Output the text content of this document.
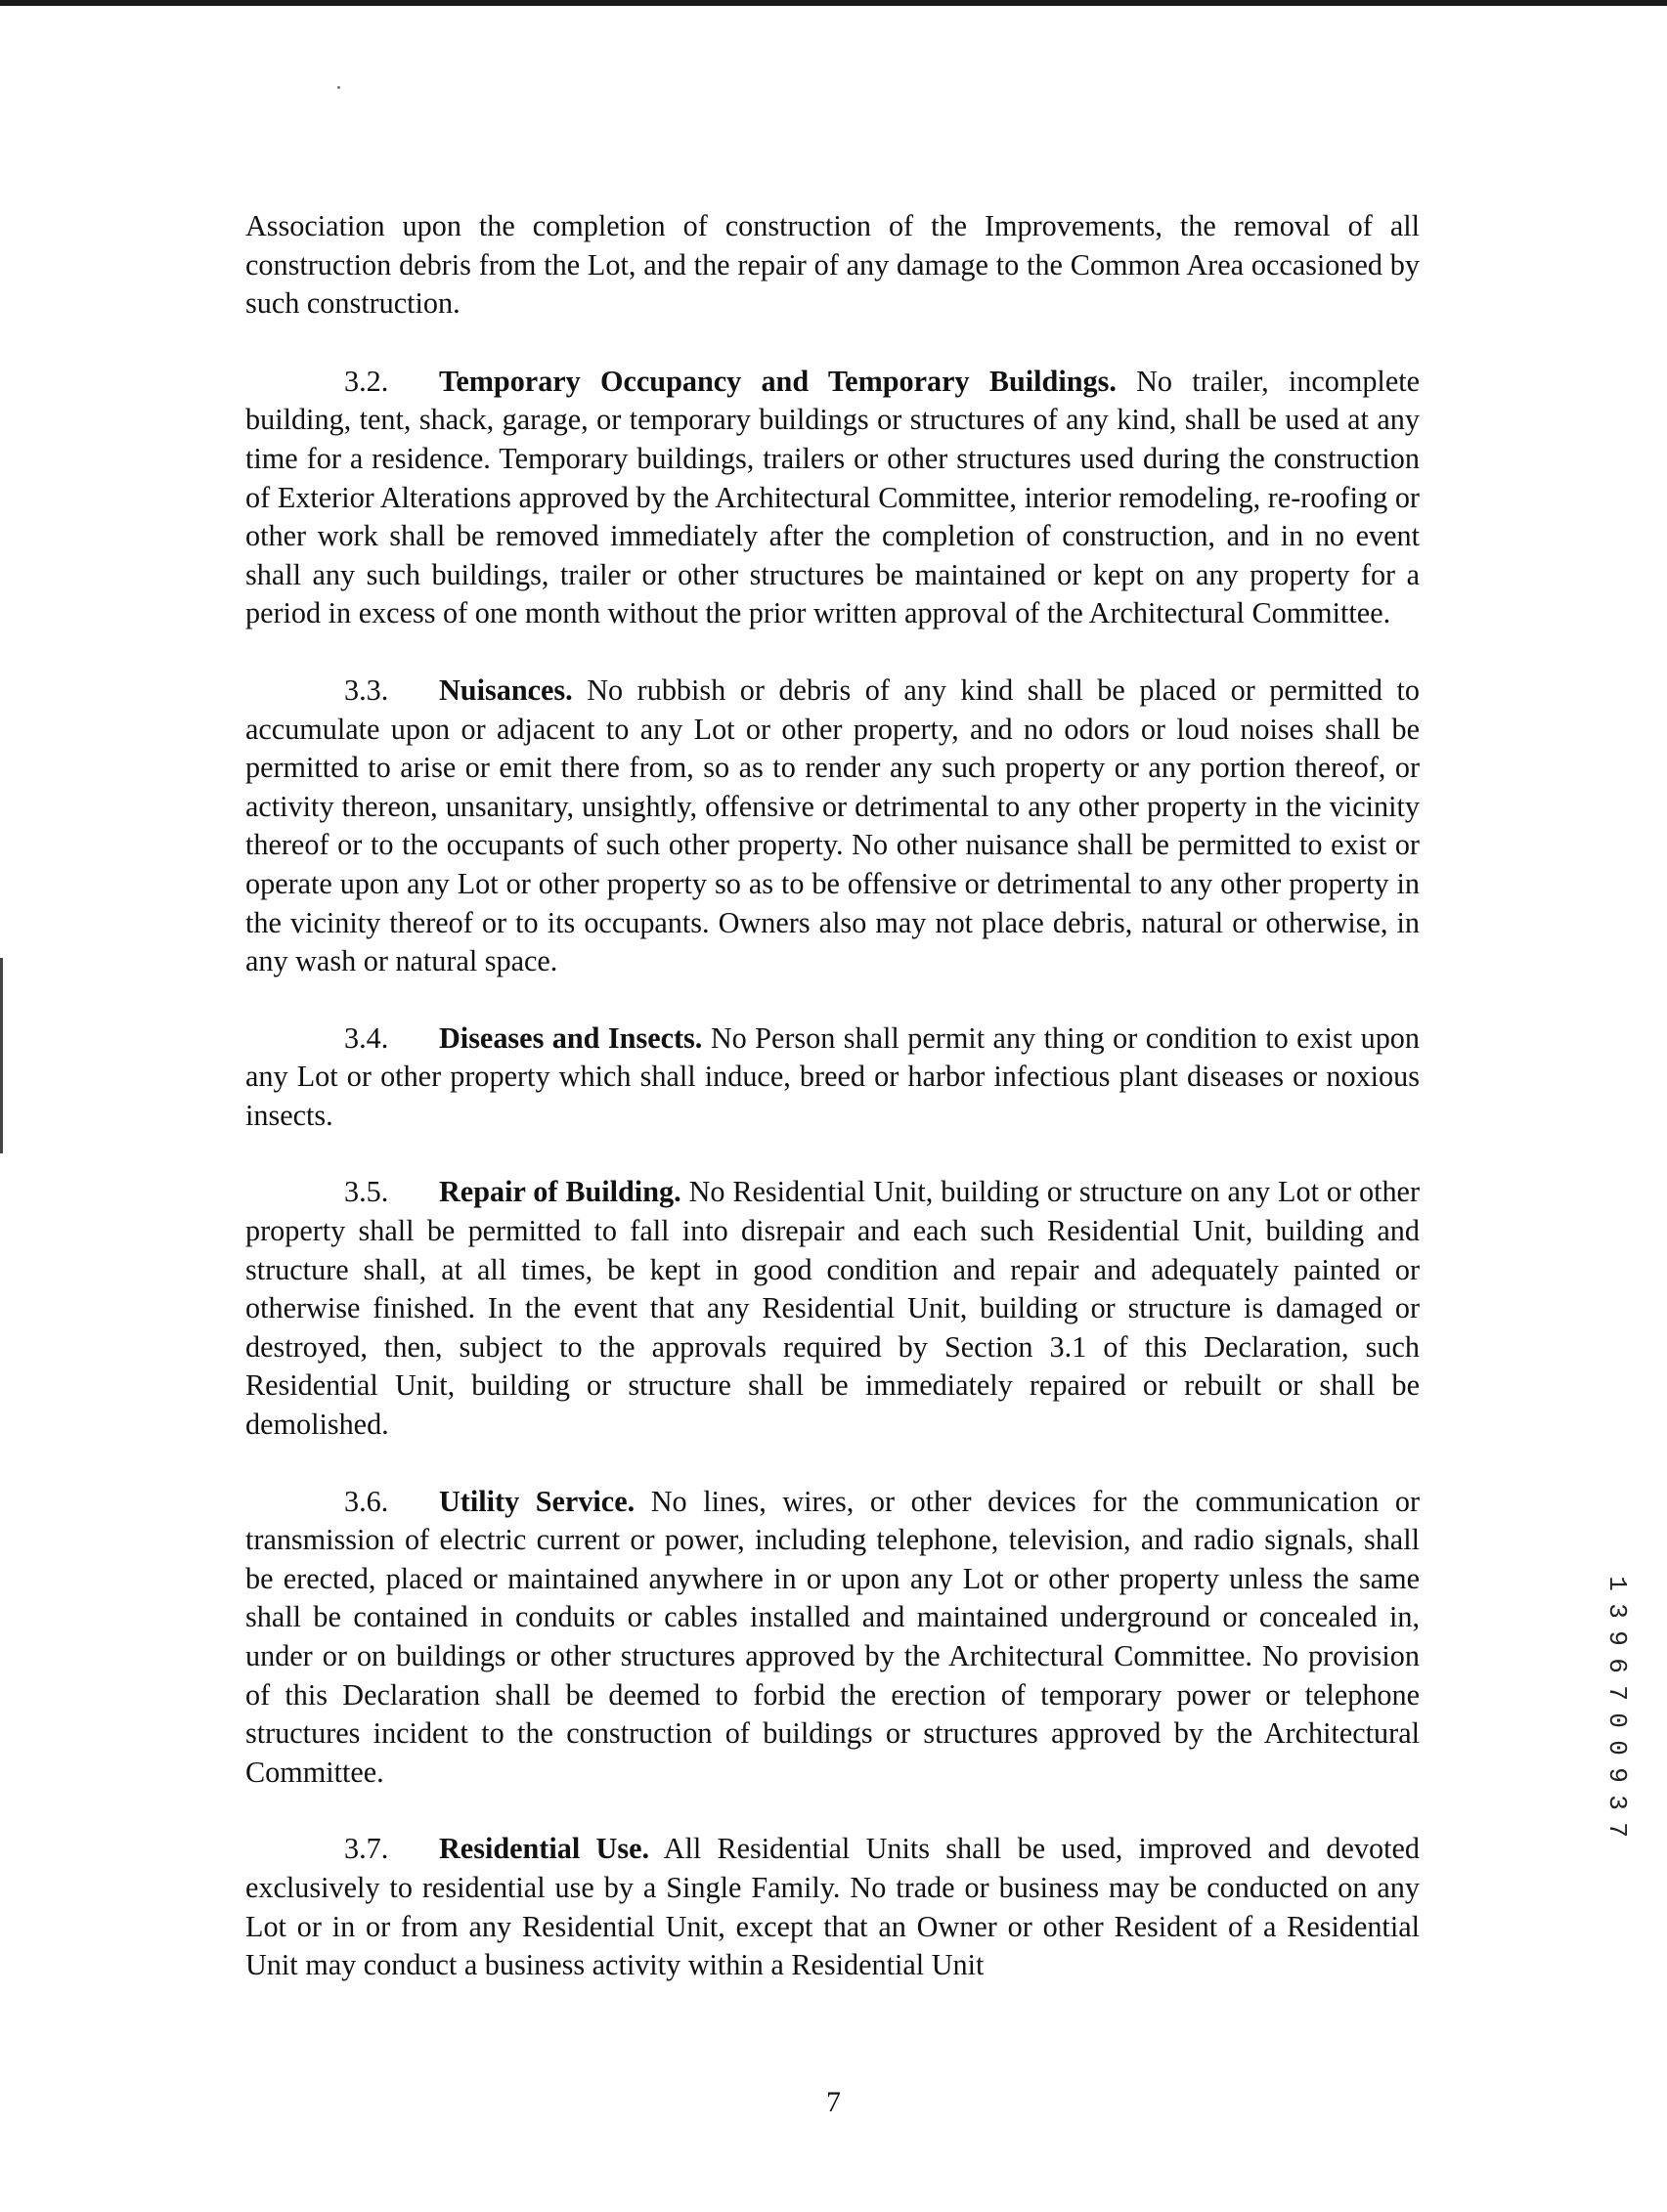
Association upon the completion of construction of the Improvements, the removal of all construction debris from the Lot, and the repair of any damage to the Common Area occasioned by such construction.

3.2. Temporary Occupancy and Temporary Buildings. No trailer, incomplete building, tent, shack, garage, or temporary buildings or structures of any kind, shall be used at any time for a residence. Temporary buildings, trailers or other structures used during the construction of Exterior Alterations approved by the Architectural Committee, interior remodeling, re-roofing or other work shall be removed immediately after the completion of construction, and in no event shall any such buildings, trailer or other structures be maintained or kept on any property for a period in excess of one month without the prior written approval of the Architectural Committee.

3.3. Nuisances. No rubbish or debris of any kind shall be placed or permitted to accumulate upon or adjacent to any Lot or other property, and no odors or loud noises shall be permitted to arise or emit there from, so as to render any such property or any portion thereof, or activity thereon, unsanitary, unsightly, offensive or detrimental to any other property in the vicinity thereof or to the occupants of such other property. No other nuisance shall be permitted to exist or operate upon any Lot or other property so as to be offensive or detrimental to any other property in the vicinity thereof or to its occupants. Owners also may not place debris, natural or otherwise, in any wash or natural space.

3.4. Diseases and Insects. No Person shall permit any thing or condition to exist upon any Lot or other property which shall induce, breed or harbor infectious plant diseases or noxious insects.

3.5. Repair of Building. No Residential Unit, building or structure on any Lot or other property shall be permitted to fall into disrepair and each such Residential Unit, building and structure shall, at all times, be kept in good condition and repair and adequately painted or otherwise finished. In the event that any Residential Unit, building or structure is damaged or destroyed, then, subject to the approvals required by Section 3.1 of this Declaration, such Residential Unit, building or structure shall be immediately repaired or rebuilt or shall be demolished.

3.6. Utility Service. No lines, wires, or other devices for the communication or transmission of electric current or power, including telephone, television, and radio signals, shall be erected, placed or maintained anywhere in or upon any Lot or other property unless the same shall be contained in conduits or cables installed and maintained underground or concealed in, under or on buildings or other structures approved by the Architectural Committee. No provision of this Declaration shall be deemed to forbid the erection of temporary power or telephone structures incident to the construction of buildings or structures approved by the Architectural Committee.

3.7. Residential Use. All Residential Units shall be used, improved and devoted exclusively to residential use by a Single Family. No trade or business may be conducted on any Lot or in or from any Residential Unit, except that an Owner or other Resident of a Residential Unit may conduct a business activity within a Residential Unit

1
3
9
6
7
0
0
9
3
7
7
